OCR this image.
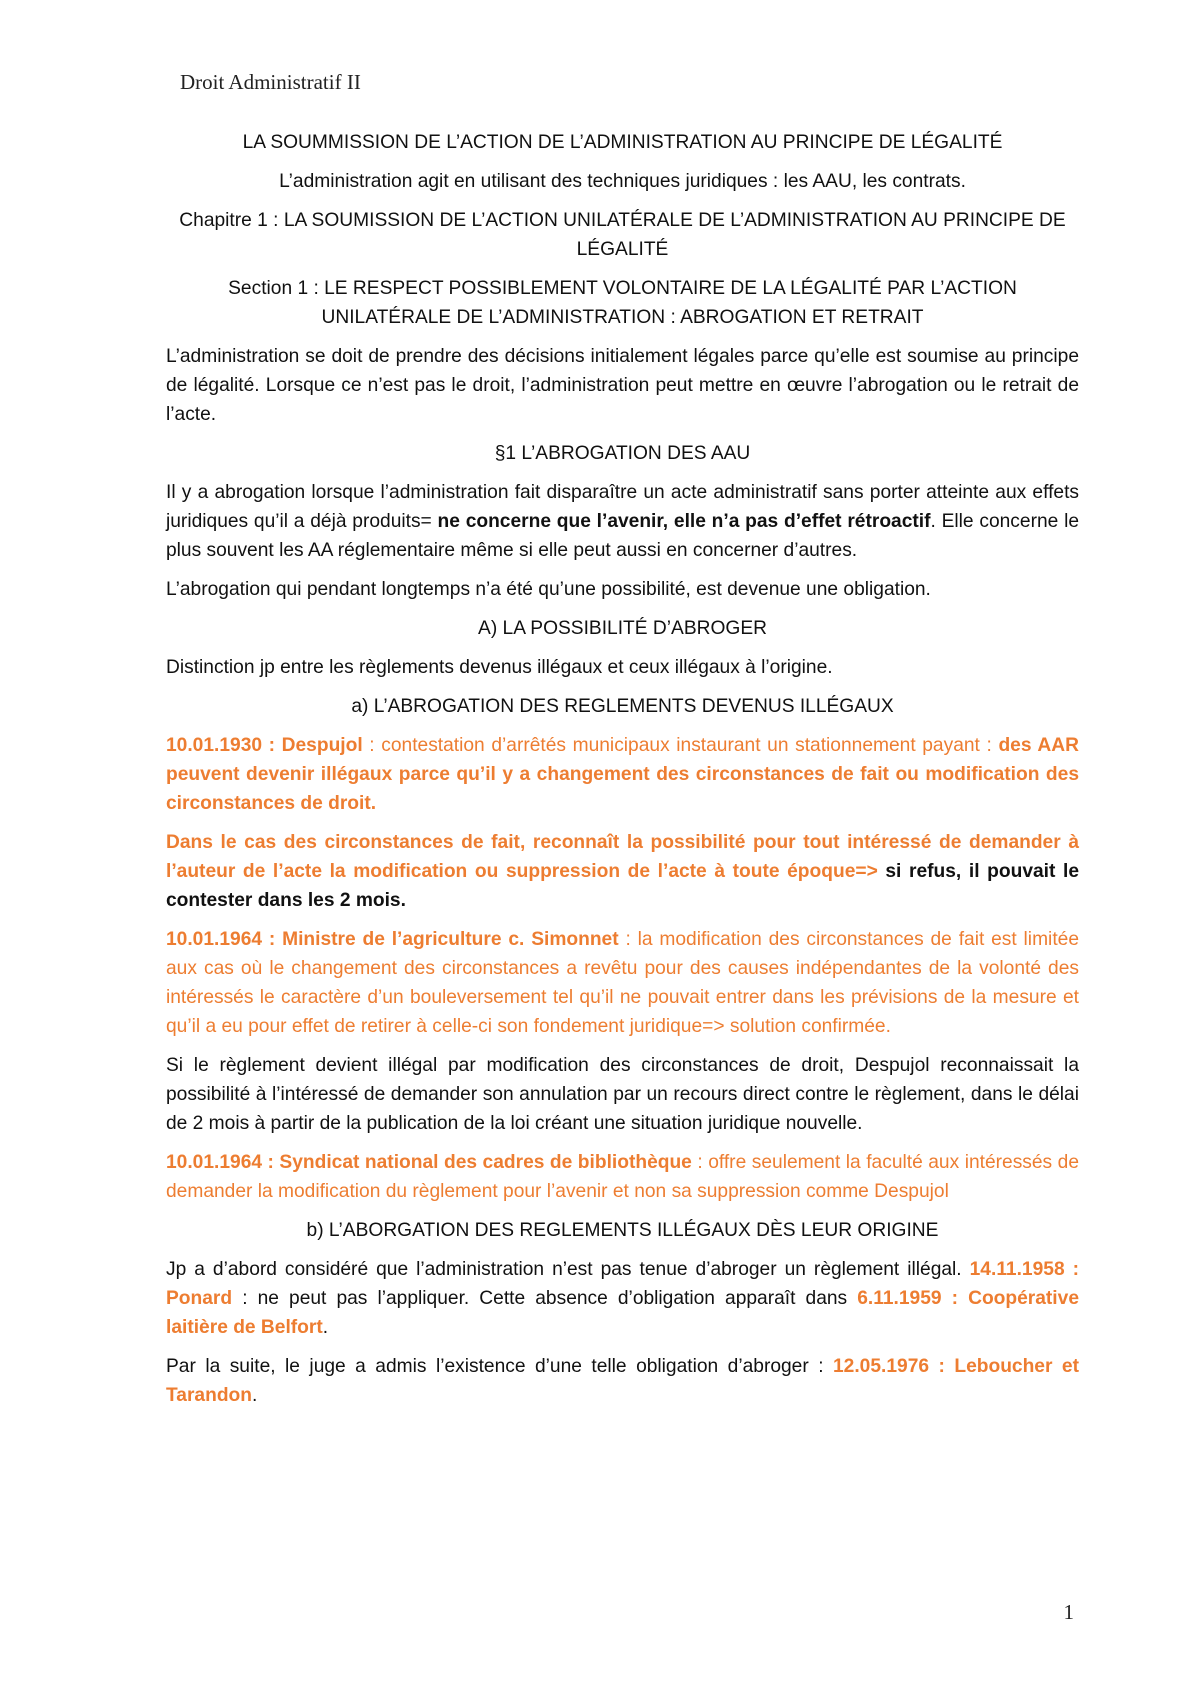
Droit Administratif II

LA SOUMMISSION DE L’ACTION DE L’ADMINISTRATION AU PRINCIPE DE LÉGALITÉ

L’administration agit en utilisant des techniques juridiques : les AAU, les contrats.

Chapitre 1 : LA SOUMISSION DE L’ACTION UNILATÉRALE DE L’ADMINISTRATION AU PRINCIPE DE LÉGALITÉ

Section 1 : LE RESPECT POSSIBLEMENT VOLONTAIRE DE LA LÉGALITÉ PAR L’ACTION UNILATÉRALE DE L’ADMINISTRATION : ABROGATION ET RETRAIT

L’administration se doit de prendre des décisions initialement légales parce qu’elle est soumise au principe de légalité. Lorsque ce n’est pas le droit, l’administration peut mettre en œuvre l’abrogation ou le retrait de l’acte.

§1 L’ABROGATION DES AAU

Il y a abrogation lorsque l’administration fait disparaître un acte administratif sans porter atteinte aux effets juridiques qu’il a déjà produits= ne concerne que l’avenir, elle n’a pas d’effet rétroactif. Elle concerne le plus souvent les AA réglementaire même si elle peut aussi en concerner d’autres.

L’abrogation qui pendant longtemps n’a été qu’une possibilité, est devenue une obligation.

A) LA POSSIBILITÉ D’ABROGER

Distinction jp entre les règlements devenus illégaux et ceux illégaux à l’origine.

a) L’ABROGATION DES REGLEMENTS DEVENUS ILLÉGAUX

10.01.1930 : Despujol : contestation d’arrêtés municipaux instaurant un stationnement payant : des AAR peuvent devenir illégaux parce qu’il y a changement des circonstances de fait ou modification des circonstances de droit.

Dans le cas des circonstances de fait, reconnaît la possibilité pour tout intéressé de demander à l’auteur de l’acte la modification ou suppression de l’acte à toute époque=> si refus, il pouvait le contester dans les 2 mois.

10.01.1964 : Ministre de l’agriculture c. Simonnet : la modification des circonstances de fait est limitée aux cas où le changement des circonstances a revêtu pour des causes indépendantes de la volonté des intéressés le caractère d’un bouleversement tel qu’il ne pouvait entrer dans les prévisions de la mesure et qu’il a eu pour effet de retirer à celle-ci son fondement juridique=> solution confirmée.

Si le règlement devient illégal par modification des circonstances de droit, Despujol reconnaissait la possibilité à l’intéressé de demander son annulation par un recours direct contre le règlement, dans le délai de 2 mois à partir de la publication de la loi créant une situation juridique nouvelle.

10.01.1964 : Syndicat national des cadres de bibliothèque : offre seulement la faculté aux intéressés de demander la modification du règlement pour l’avenir et non sa suppression comme Despujol

b) L’ABORGATION DES REGLEMENTS ILLÉGAUX DÈS LEUR ORIGINE

Jp a d’abord considéré que l’administration n’est pas tenue d’abroger un règlement illégal. 14.11.1958 : Ponard : ne peut pas l’appliquer. Cette absence d’obligation apparaît dans 6.11.1959 : Coopérative laitière de Belfort.

Par la suite, le juge a admis l’existence d’une telle obligation d’abroger : 12.05.1976 : Leboucher et Tarandon.

1
